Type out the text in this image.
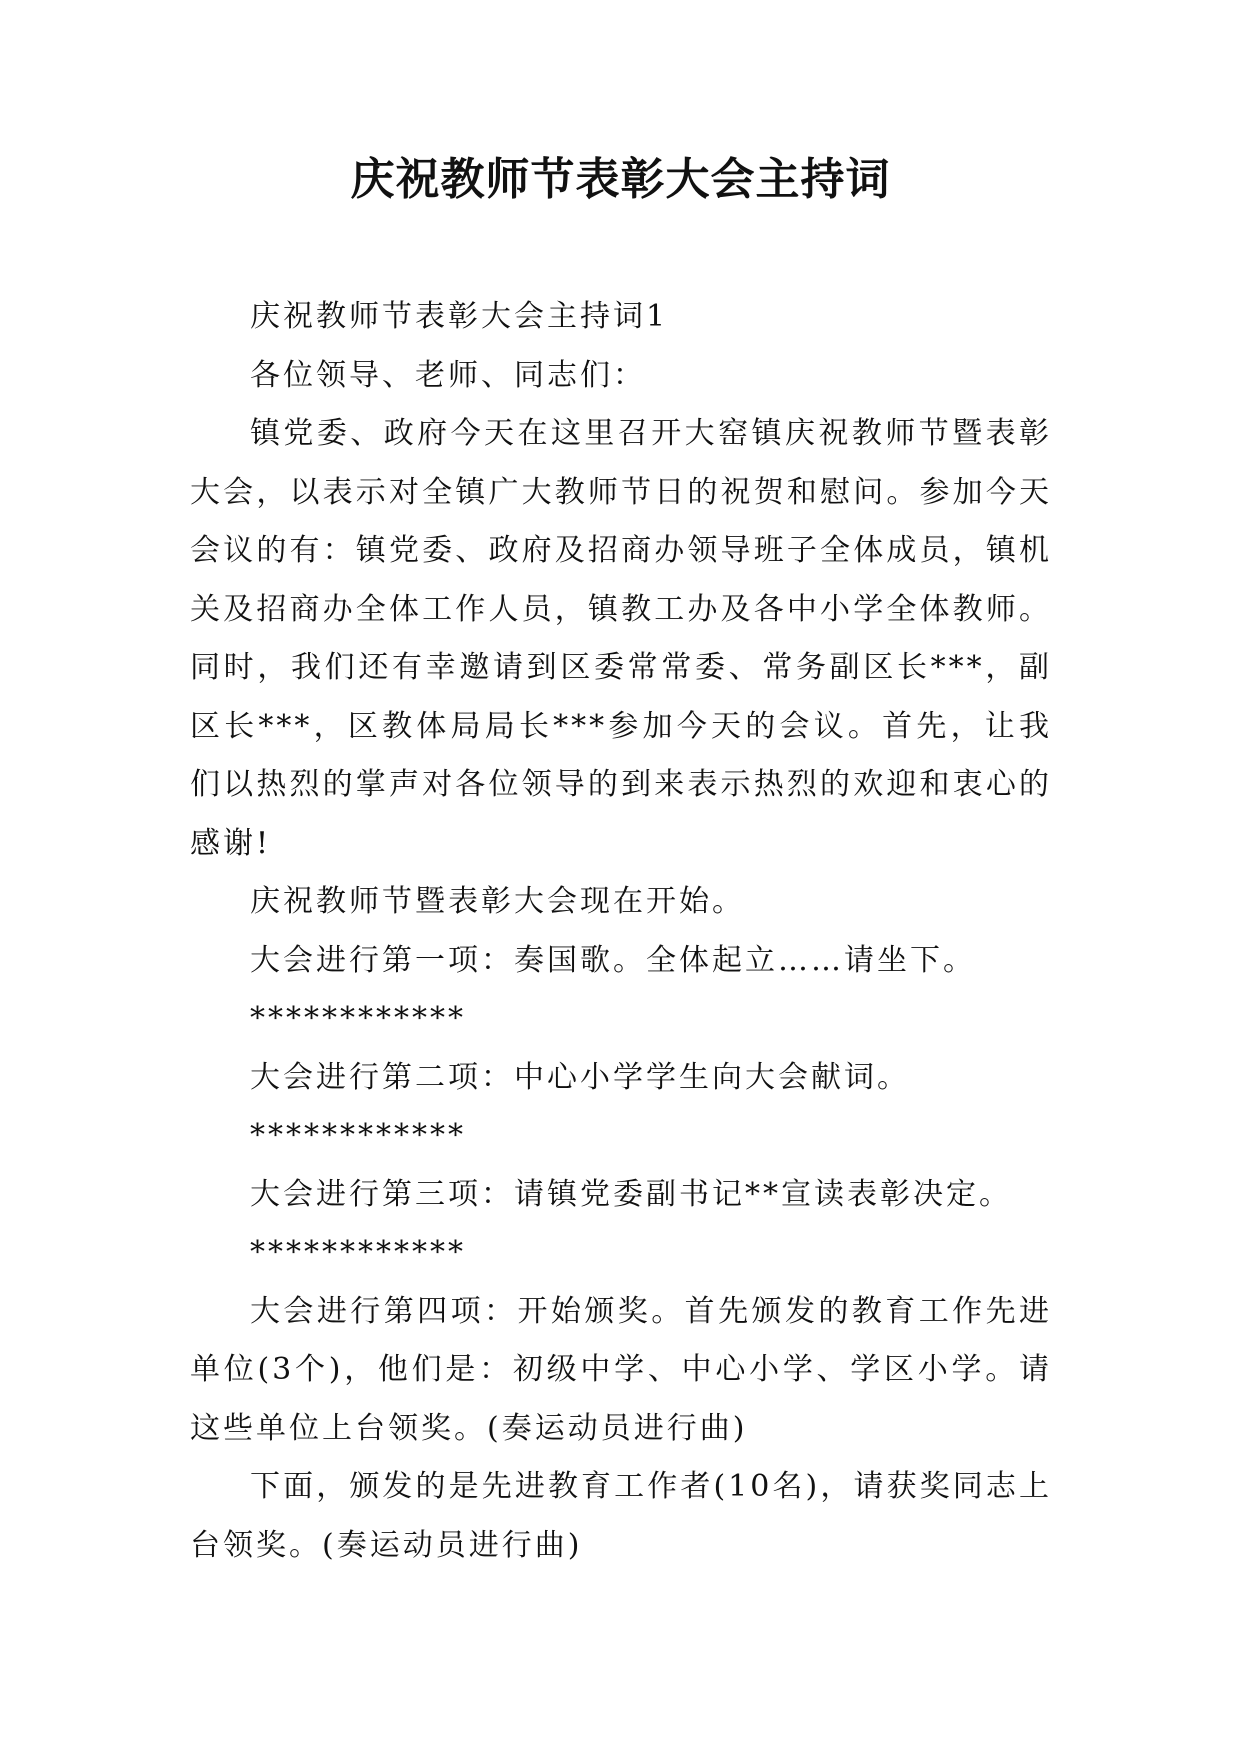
庆祝教师节表彰大会主持词

庆祝教师节表彰大会主持词1

各位领导、老师、同志们：

镇党委、政府今天在这里召开大窑镇庆祝教师节暨表彰大会，以表示对全镇广大教师节日的祝贺和慰问。参加今天会议的有：镇党委、政府及招商办领导班子全体成员，镇机关及招商办全体工作人员，镇教工办及各中小学全体教师。同时，我们还有幸邀请到区委常常委、常务副区长***，副区长***，区教体局局长***参加今天的会议。首先，让我们以热烈的掌声对各位领导的到来表示热烈的欢迎和衷心的感谢!

庆祝教师节暨表彰大会现在开始。

大会进行第一项：奏国歌。全体起立……请坐下。

************

大会进行第二项：中心小学学生向大会献词。

************

大会进行第三项：请镇党委副书记**宣读表彰决定。

************

大会进行第四项：开始颁奖。首先颁发的教育工作先进单位(3个)，他们是：初级中学、中心小学、学区小学。请这些单位上台领奖。(奏运动员进行曲)

下面，颁发的是先进教育工作者(10名)，请获奖同志上台领奖。(奏运动员进行曲)
